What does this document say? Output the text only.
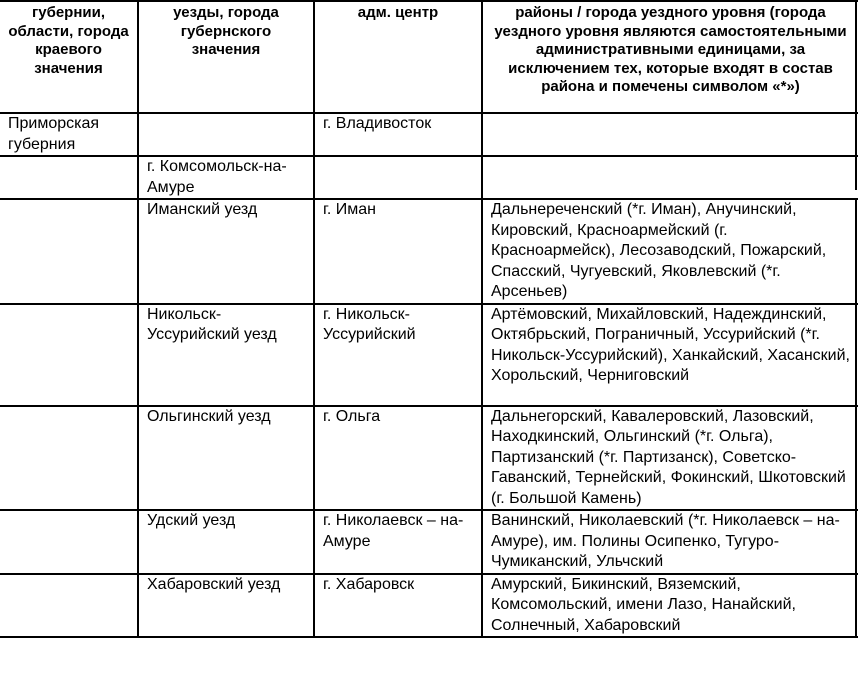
губернии, области, города краевого значения	уезды, города губернского значения	адм. центр	районы / города уездного уровня (города уездного уровня являются самостоятельными административными единицами, за исключением тех, которые входят в состав района и помечены символом «*»)
Приморская губерния		г. Владивосток	
	г. Комсомольск-на-Амуре		
	Иманский уезд	г. Иман	Дальнереченский (*г. Иман), Анучинский, Кировский, Красноармейский (г. Красноармейск), Лесозаводский, Пожарский, Спасский, Чугуевский, Яковлевский (*г. Арсеньев)
	Никольск-Уссурийский уезд	г. Никольск-Уссурийский	Артёмовский, Михайловский, Надеждинский, Октябрьский, Пограничный, Уссурийский (*г. Никольск-Уссурийский), Ханкайский, Хасанский, Хорольский, Черниговский
	Ольгинский уезд	г. Ольга	Дальнегорский, Кавалеровский, Лазовский, Находкинский, Ольгинский (*г. Ольга), Партизанский (*г. Партизанск), Советско-Гаванский, Тернейский, Фокинский, Шкотовский (г. Большой Камень)
	Удский уезд	г. Николаевск – на-Амуре	Ванинский, Николаевский (*г. Николаевск – на-Амуре), им. Полины Осипенко, Тугуро-Чумиканский, Ульчский
	Хабаровский уезд	г. Хабаровск	Амурский, Бикинский, Вяземский, Комсомольский, имени Лазо, Нанайский, Солнечный, Хабаровский
